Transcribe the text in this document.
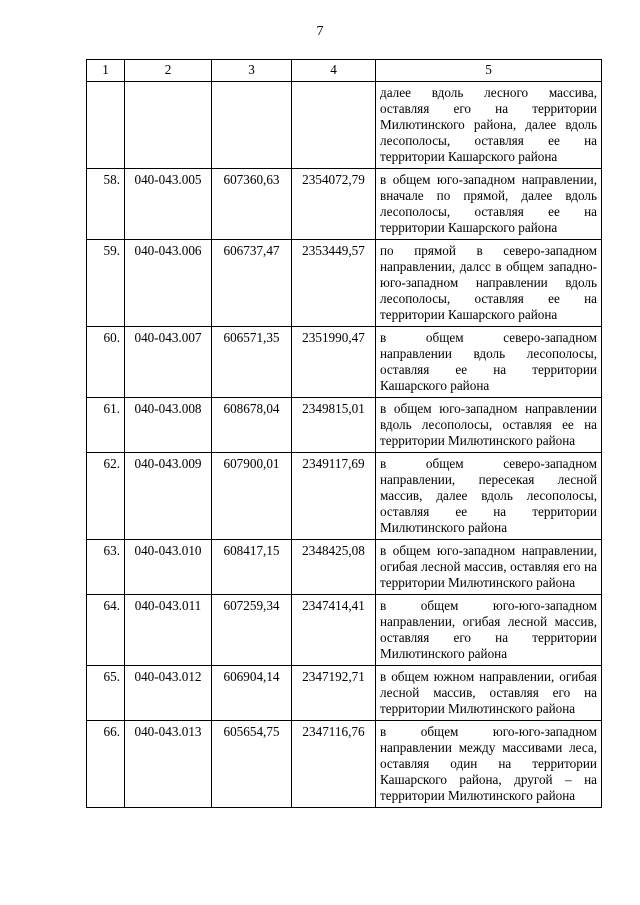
7
1	2	3	4	5
				далее вдоль лесного массива, оставляя его на территории Милютинского района, далее вдоль лесополосы, оставляя ее на территории Кашарского района
58.	040-043.005	607360,63	2354072,79	в общем юго-западном направлении, вначале по прямой, далее вдоль лесополосы, оставляя ее на территории Кашарского района
59.	040-043.006	606737,47	2353449,57	по прямой в северо-западном направлении, далсс в общем западно-юго-западном направлении вдоль лесополосы, оставляя ее на территории Кашарского района
60.	040-043.007	606571,35	2351990,47	в общем северо-западном направлении вдоль лесополосы, оставляя ее на территории Кашарского района
61.	040-043.008	608678,04	2349815,01	в общем юго-западном направлении вдоль лесополосы, оставляя ее на территории Милютинского района
62.	040-043.009	607900,01	2349117,69	в общем северо-западном направлении, пересекая лесной массив, далее вдоль лесополосы, оставляя ее на территории Милютинского района
63.	040-043.010	608417,15	2348425,08	в общем юго-западном направлении, огибая лесной массив, оставляя его на территории Милютинского района
64.	040-043.011	607259,34	2347414,41	в общем юго-юго-западном направлении, огибая лесной массив, оставляя его на территории Милютинского района
65.	040-043.012	606904,14	2347192,71	в общем южном направлении, огибая лесной массив, оставляя его на территории Милютинского района
66.	040-043.013	605654,75	2347116,76	в общем юго-юго-западном направлении между массивами леса, оставляя один на территории Кашарского района, другой – на территории Милютинского района
